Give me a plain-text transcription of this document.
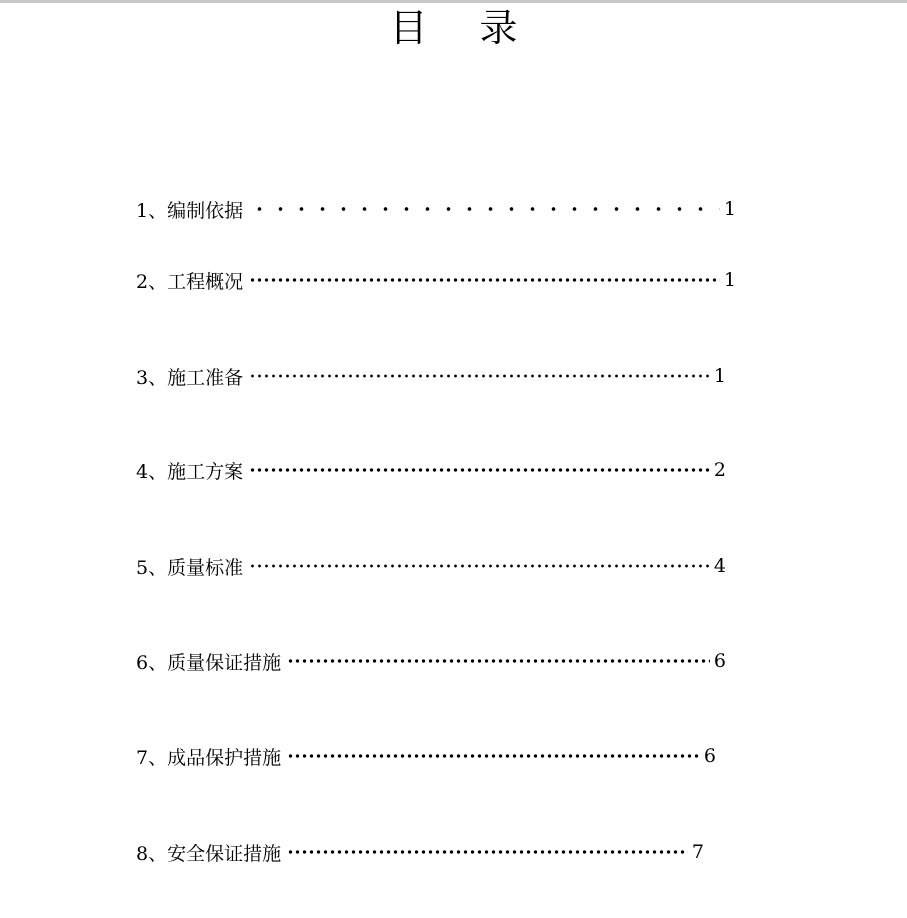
目 录
1、 编制依据	1
2、 工程概况	1
3、 施工准备	1
4、 施工方案	2
5、 质量标准	4
6、 质量保证措施	6
7、 成品保护措施	6
8、 安全保证措施	7
